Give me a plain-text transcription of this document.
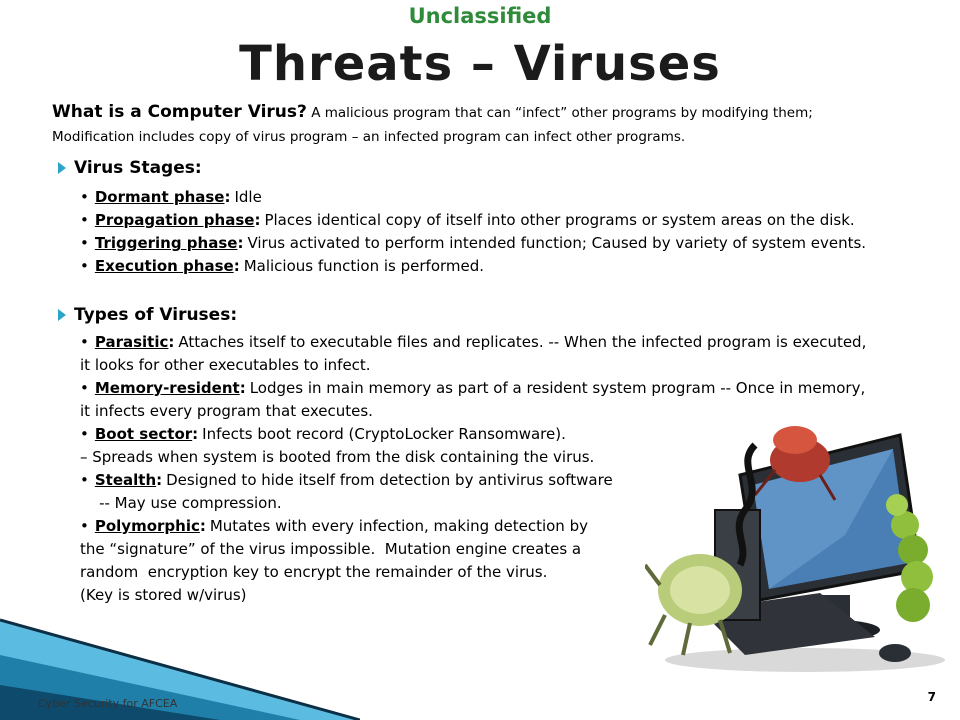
Unclassified
Threats – Viruses
What is a Computer Virus? A malicious program that can “infect” other programs by modifying them;
Modification includes copy of virus program – an infected program can infect other programs.
Virus Stages:
• Dormant phase: Idle
• Propagation phase: Places identical copy of itself into other programs or system areas on the disk.
• Triggering phase: Virus activated to perform intended function; Caused by variety of system events.
• Execution phase: Malicious function is performed.
Types of Viruses:
• Parasitic: Attaches itself to executable files and replicates. -- When the infected program is executed,
it looks for other executables to infect.
• Memory-resident: Lodges in main memory as part of a resident system program -- Once in memory,
it infects every program that executes.
• Boot sector: Infects boot record (CryptoLocker Ransomware).
– Spreads when system is booted from the disk containing the virus.
• Stealth: Designed to hide itself from detection by antivirus software
-- May use compression.
• Polymorphic: Mutates with every infection, making detection by
the “signature” of the virus impossible.  Mutation engine creates a
random  encryption key to encrypt the remainder of the virus.
(Key is stored w/virus)
Cyber Security for AFCEA	7
